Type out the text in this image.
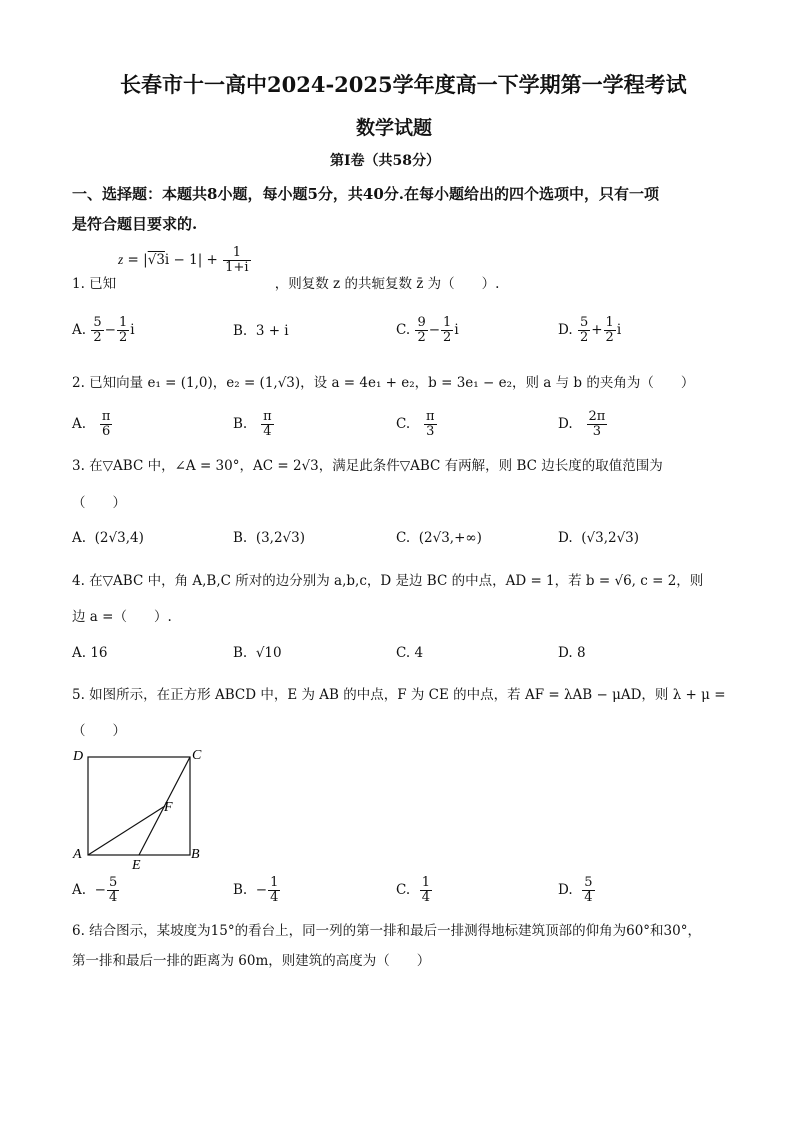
长春市十一高中2024-2025学年度高一下学期第一学程考试
数学试题
第Ⅰ卷（共58分）
一、选择题：本题共8小题，每小题5分，共40分.在每小题给出的四个选项中，只有一项
是符合题目要求的.
$z = |√3i - 1| + \frac{1}{1+i}$
1. 已知	，则复数 z 的共轭复数 z̄ 为（　　）.
A. $\frac{5}{2} - \frac{1}{2}$ i	B. 3 + i	C. $\frac{9}{2} - \frac{1}{2}$ i	D. $\frac{5}{2} + \frac{1}{2}$ i
2. 已知向量 e₁ = (1,0)，e₂ = (1,√3)，设 a = 4e₁ + e₂，b = 3e₁ − e₂，则 a 与 b 的夹角为（　　）
A. $\frac{\pi}{6}$	B. $\frac{\pi}{4}$	C. $\frac{\pi}{3}$	D. $\frac{2\pi}{3}$
3. 在▽ABC 中，∠A = 30°，AC = 2√3，满足此条件▽ABC 有两解，则 BC 边长度的取值范围为
（　　）
A. (2√3,4)	B. (3,2√3)	C. (2√3,+∞)	D. (√3,2√3)
4. 在▽ABC 中，角 A,B,C 所对的边分别为 a,b,c，D 是边 BC 的中点，AD = 1，若 b = √6, c = 2，则
边 a =（　　）.
A. 16	B. √10	C. 4	D. 8
5. 如图所示，在正方形 ABCD 中，E 为 AB 的中点，F 为 CE 的中点，若 AF = λAB − μAD，则 λ + μ =
（　　）
D	C
A	B
E
F
A.  − $\frac{5}{4}$	B.  − $\frac{1}{4}$	C. $\frac{1}{4}$	D. $\frac{5}{4}$
6. 结合图示，某坡度为15°的看台上，同一列的第一排和最后一排测得地标建筑顶部的仰角为60°和30°，
第一排和最后一排的距离为 60m，则建筑的高度为（　　）
